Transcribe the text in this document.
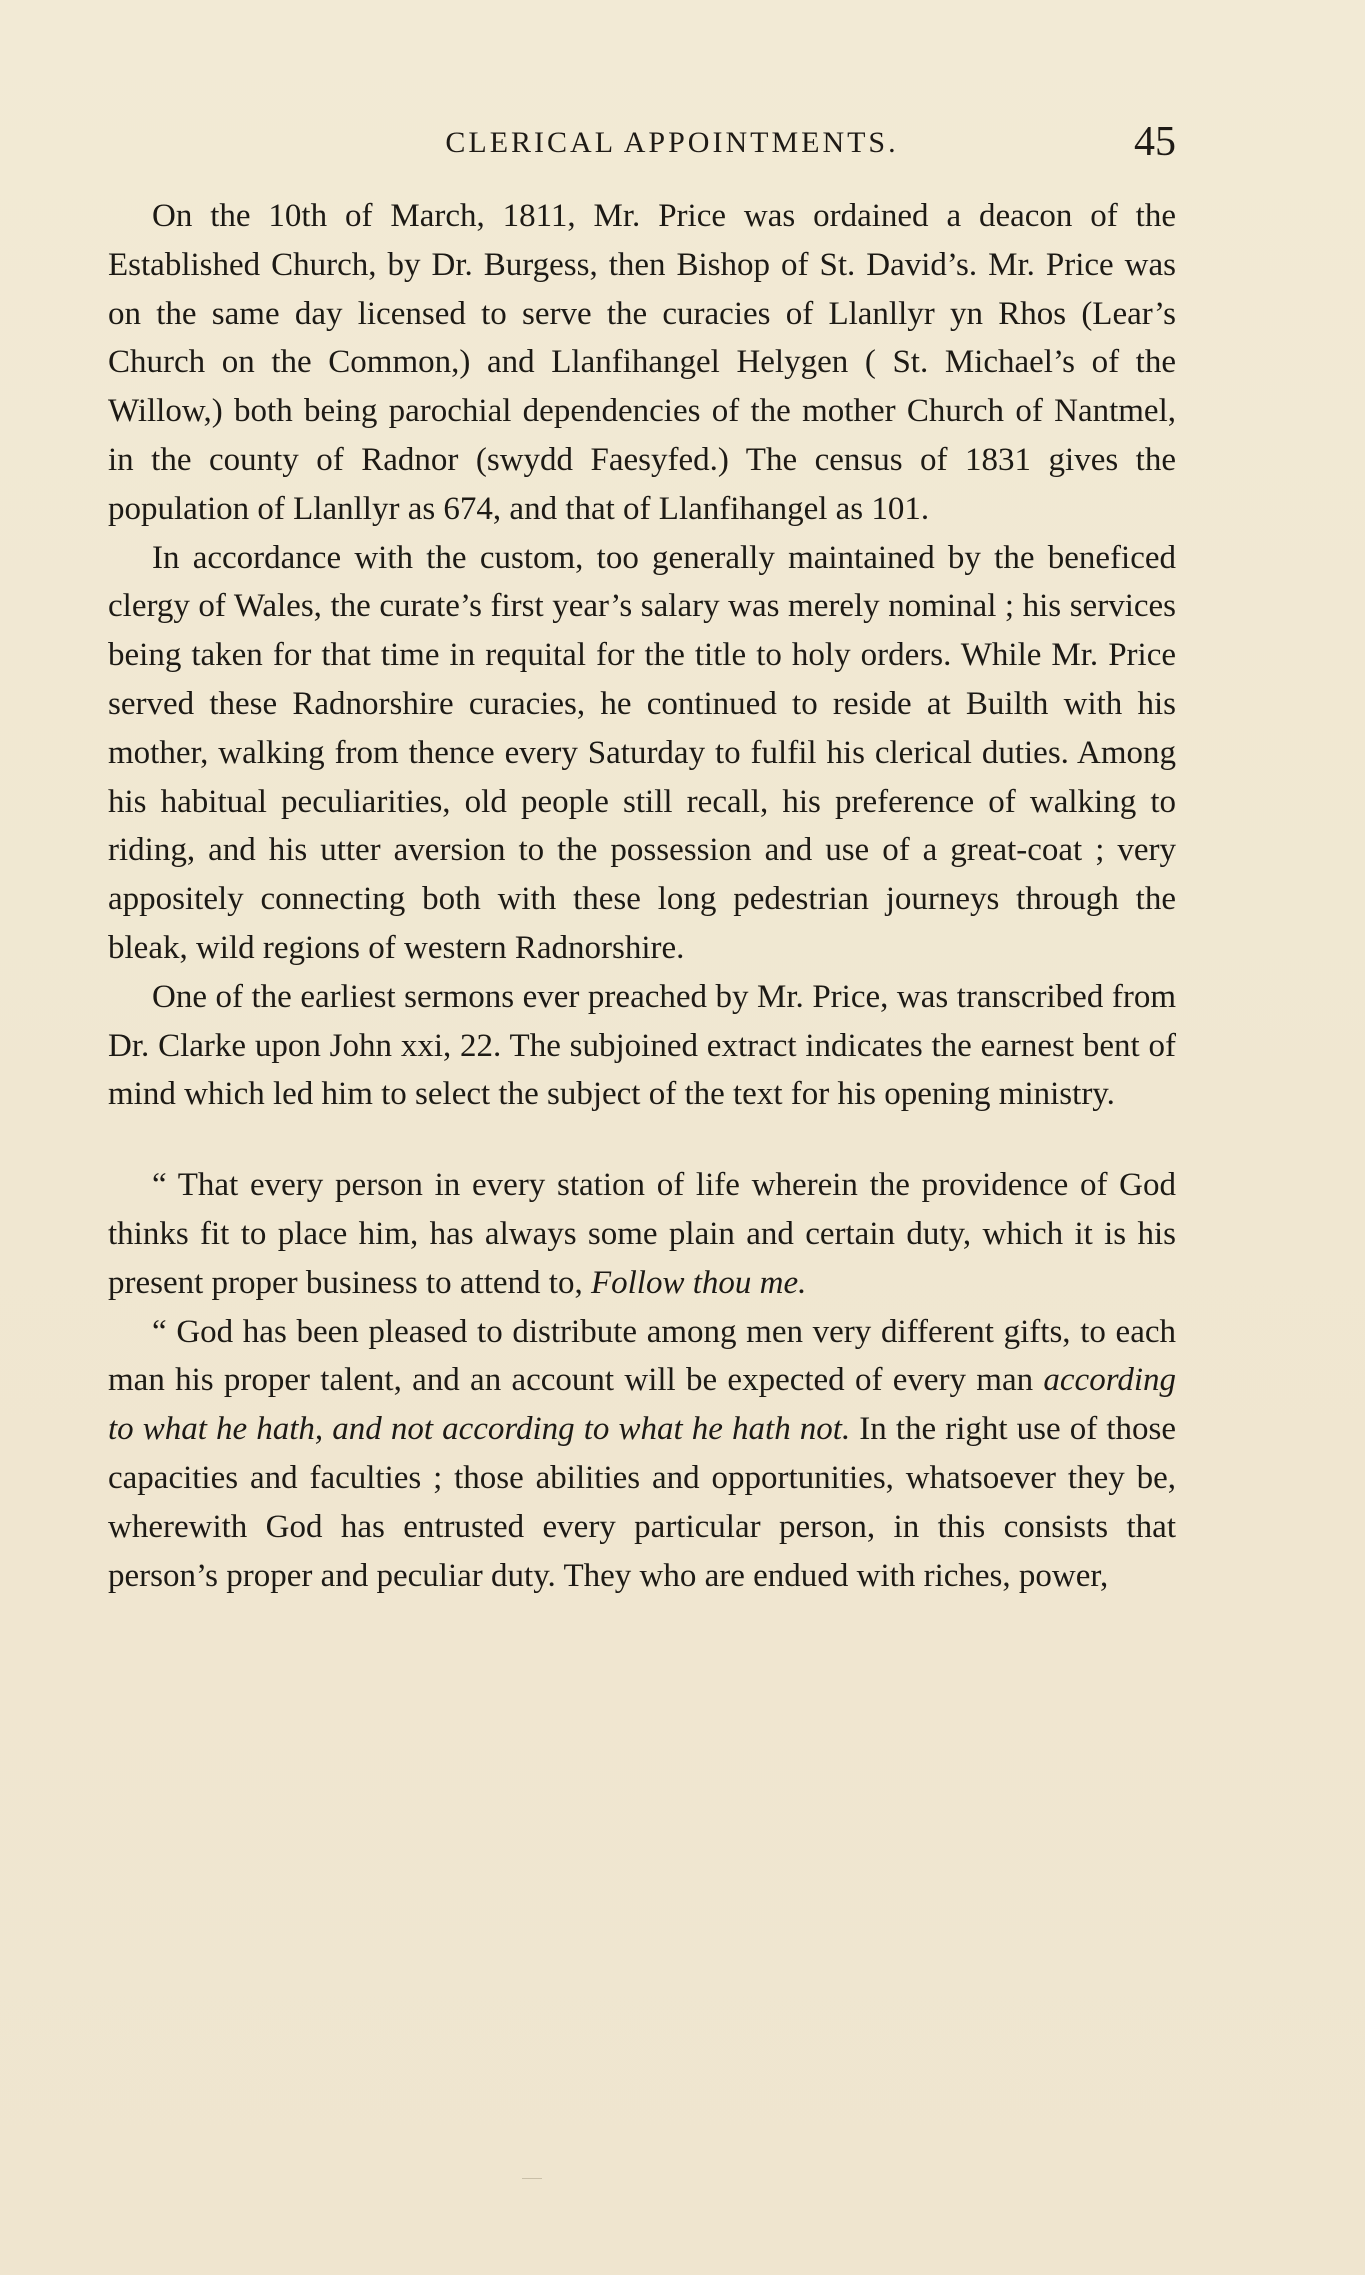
CLERICAL APPOINTMENTS.	45

On the 10th of March, 1811, Mr. Price was ordained a deacon of the Established Church, by Dr. Burgess, then Bishop of St. David’s. Mr. Price was on the same day licensed to serve the curacies of Llanllyr yn Rhos (Lear’s Church on the Common,) and Llanfihangel Helygen ( St. Michael’s of the Willow,) both being parochial dependencies of the mother Church of Nantmel, in the county of Radnor (swydd Faesyfed.) The census of 1831 gives the population of Llanllyr as 674, and that of Llanfihangel as 101.

In accordance with the custom, too generally maintained by the beneficed clergy of Wales, the curate’s first year’s salary was merely nominal ; his services being taken for that time in requital for the title to holy orders. While Mr. Price served these Radnorshire curacies, he continued to reside at Builth with his mother, walking from thence every Saturday to fulfil his clerical duties. Among his habitual peculiarities, old people still recall, his preference of walking to riding, and his utter aversion to the possession and use of a great-coat ; very appositely connecting both with these long pedestrian journeys through the bleak, wild regions of western Radnorshire.

One of the earliest sermons ever preached by Mr. Price, was transcribed from Dr. Clarke upon John xxi, 22. The subjoined extract indicates the earnest bent of mind which led him to select the subject of the text for his opening ministry.

“ That every person in every station of life wherein the providence of God thinks fit to place him, has always some plain and certain duty, which it is his present proper business to attend to, Follow thou me.

“ God has been pleased to distribute among men very different gifts, to each man his proper talent, and an account will be expected of every man according to what he hath, and not according to what he hath not. In the right use of those capacities and faculties ; those abilities and opportunities, whatsoever they be, wherewith God has entrusted every particular person, in this consists that person’s proper and peculiar duty. They who are endued with riches, power,
